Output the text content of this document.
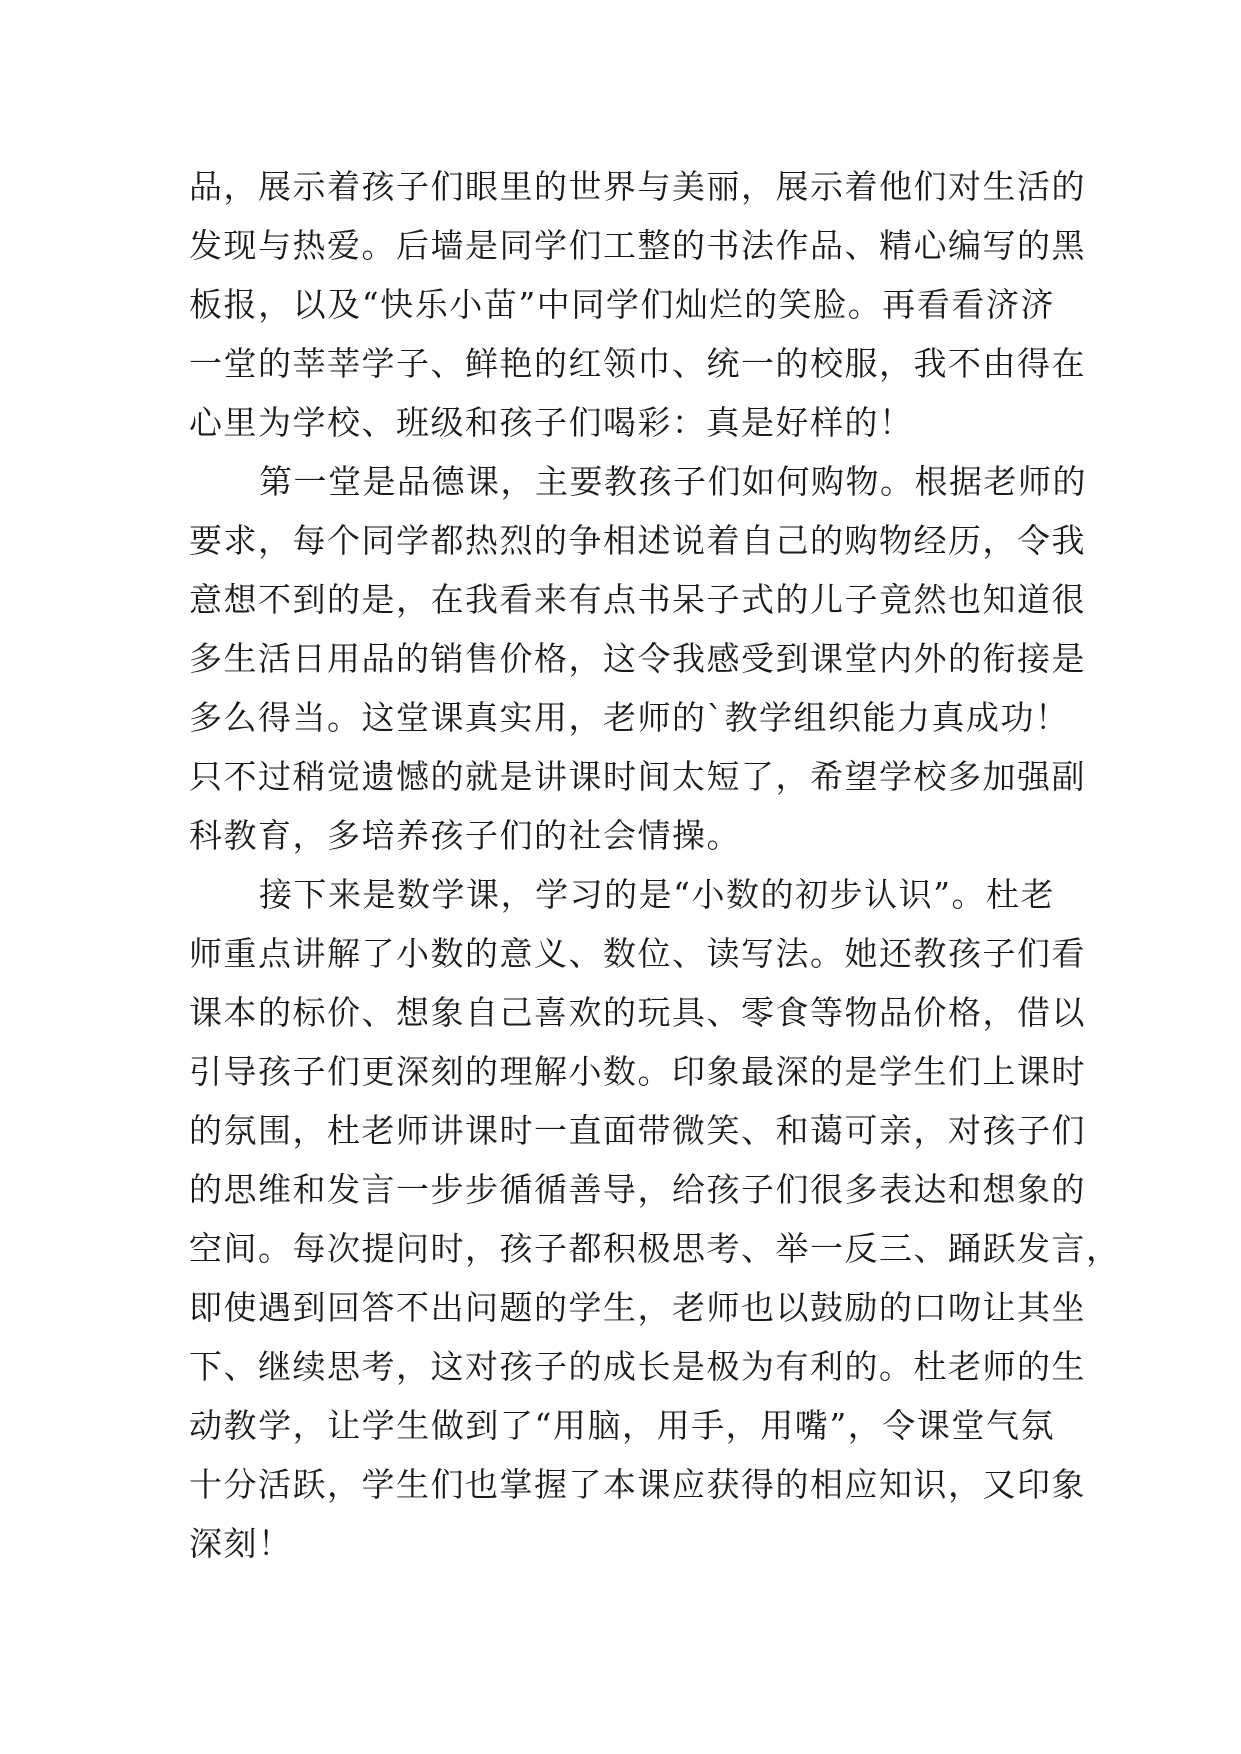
品，展示着孩子们眼里的世界与美丽，展示着他们对生活的
发现与热爱。后墙是同学们工整的书法作品、精心编写的黑
板报，以及“快乐小苗”中同学们灿烂的笑脸。再看看济济
一堂的莘莘学子、鲜艳的红领巾、统一的校服，我不由得在
心里为学校、班级和孩子们喝彩：真是好样的！
第一堂是品德课，主要教孩子们如何购物。根据老师的
要求，每个同学都热烈的争相述说着自己的购物经历，令我
意想不到的是，在我看来有点书呆子式的儿子竟然也知道很
多生活日用品的销售价格，这令我感受到课堂内外的衔接是
多么得当。这堂课真实用，老师的`教学组织能力真成功！
只不过稍觉遗憾的就是讲课时间太短了，希望学校多加强副
科教育，多培养孩子们的社会情操。
接下来是数学课，学习的是“小数的初步认识”。杜老
师重点讲解了小数的意义、数位、读写法。她还教孩子们看
课本的标价、想象自己喜欢的玩具、零食等物品价格，借以
引导孩子们更深刻的理解小数。印象最深的是学生们上课时
的氛围，杜老师讲课时一直面带微笑、和蔼可亲，对孩子们
的思维和发言一步步循循善导，给孩子们很多表达和想象的
空间。每次提问时，孩子都积极思考、举一反三、踊跃发言，
即使遇到回答不出问题的学生，老师也以鼓励的口吻让其坐
下、继续思考，这对孩子的成长是极为有利的。杜老师的生
动教学，让学生做到了“用脑，用手，用嘴”，令课堂气氛
十分活跃，学生们也掌握了本课应获得的相应知识，又印象
深刻！
